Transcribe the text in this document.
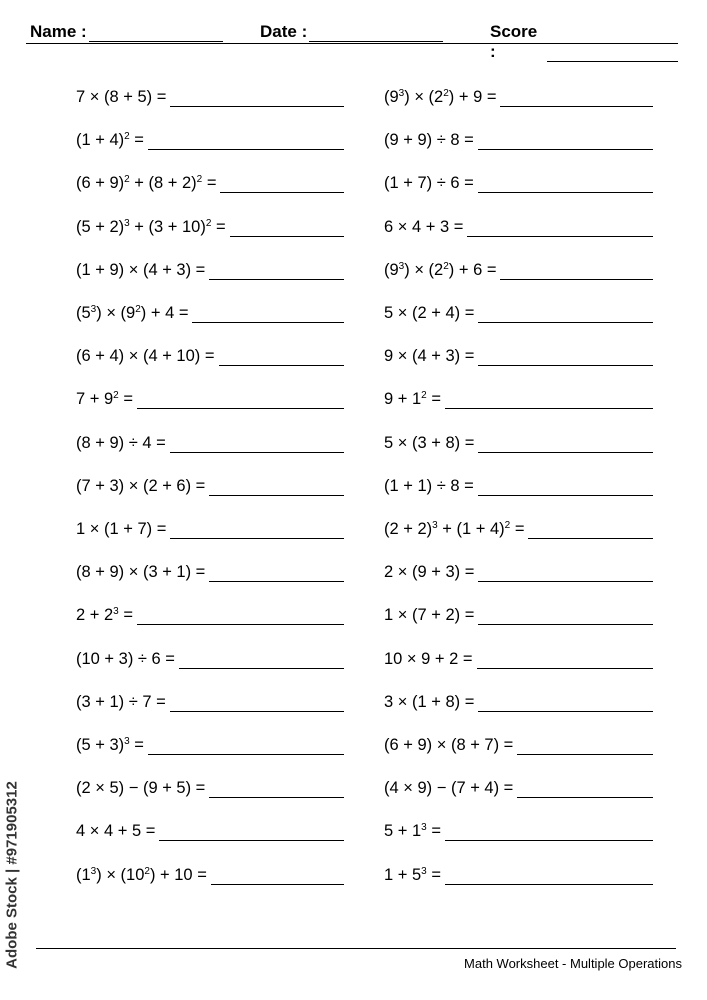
Name :	Date :	Score :
7 × (8 + 5) =
$(1 + 4)^2$ =
$(6 + 9)^2 + (8 + 2)^2$ =
$(5 + 2)^3 + (3 + 10)^2$ =
(1 + 9) × (4 + 3) =
$(5^3) \times (9^2) + 4$ =
(6 + 4) × (4 + 10) =
$7 + 9^2$ =
(8 + 9) ÷ 4 =
(7 + 3) × (2 + 6) =
1 × (1 + 7) =
(8 + 9) × (3 + 1) =
$2 + 2^3$ =
(10 + 3) ÷ 6 =
(3 + 1) ÷ 7 =
$(5 + 3)^3$ =
(2 × 5) − (9 + 5) =
4 × 4 + 5 =
$(1^3) \times (10^2) + 10$ =
$(9^3) \times (2^2) + 9$ =
(9 + 9) ÷ 8 =
(1 + 7) ÷ 6 =
6 × 4 + 3 =
$(9^3) \times (2^2) + 6$ =
5 × (2 + 4) =
9 × (4 + 3) =
$9 + 1^2$ =
5 × (3 + 8) =
(1 + 1) ÷ 8 =
$(2 + 2)^3 + (1 + 4)^2$ =
2 × (9 + 3) =
1 × (7 + 2) =
10 × 9 + 2 =
3 × (1 + 8) =
(6 + 9) × (8 + 7) =
(4 × 9) − (7 + 4) =
$5 + 1^3$ =
$1 + 5^3$ =
Math Worksheet - Multiple Operations
Adobe Stock | #971905312
